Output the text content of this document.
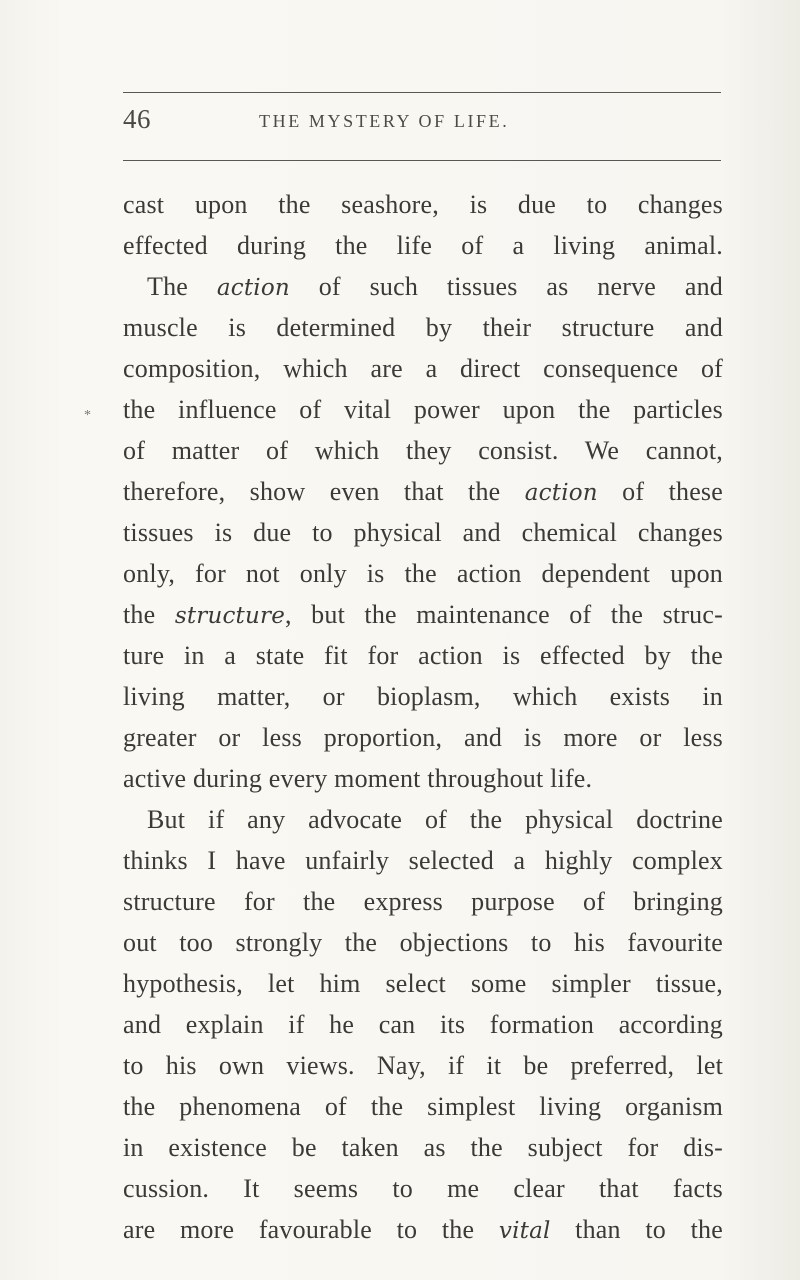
46	THE MYSTERY OF LIFE.
*
cast upon the seashore, is due to changes
effected during the life of a living animal.
The action of such tissues as nerve and
muscle is determined by their structure and
composition, which are a direct consequence of
the influence of vital power upon the particles
of matter of which they consist. We cannot,
therefore, show even that the action of these
tissues is due to physical and chemical changes
only, for not only is the action dependent upon
the structure, but the maintenance of the struc-
ture in a state fit for action is effected by the
living matter, or bioplasm, which exists in
greater or less proportion, and is more or less
active during every moment throughout life.
But if any advocate of the physical doctrine
thinks I have unfairly selected a highly complex
structure for the express purpose of bringing
out too strongly the objections to his favourite
hypothesis, let him select some simpler tissue,
and explain if he can its formation according
to his own views. Nay, if it be preferred, let
the phenomena of the simplest living organism
in existence be taken as the subject for dis-
cussion. It seems to me clear that facts
are more favourable to the vital than to the
